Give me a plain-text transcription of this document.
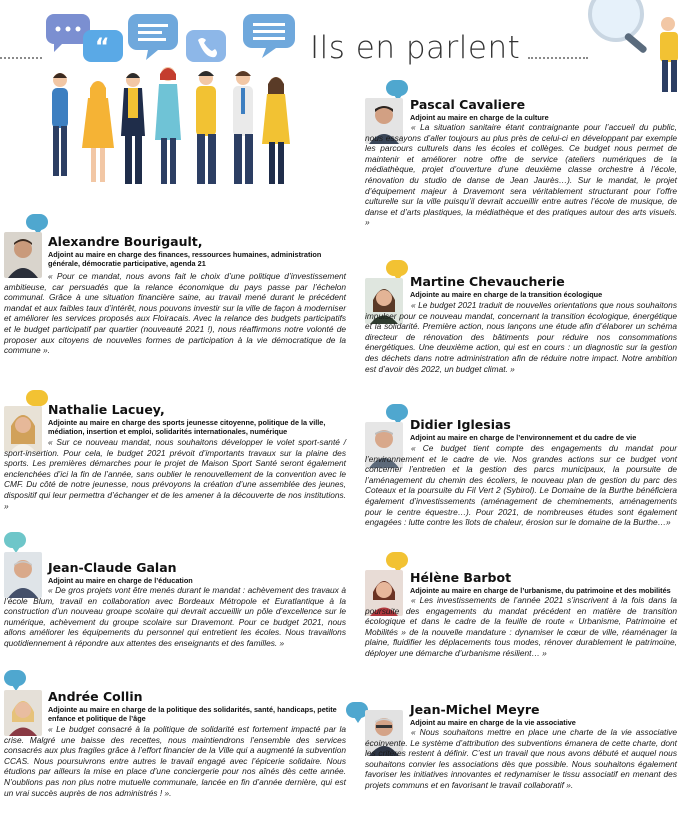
Ils en parlent
“
Alexandre Bourigault,
Adjoint au maire en charge des finances, ressources humaines, administration générale, démocratie participative, agenda 21

« Pour ce mandat, nous avons fait le choix d’une politique d’investissement ambitieuse, car persuadés que la relance économique du pays passe par l’échelon communal. Grâce à une situation financière saine, au travail mené durant le précédent mandat et aux faibles taux d’intérêt, nous pouvons investir sur la ville de façon à moderniser et améliorer les services proposés aux Floiracais. Avec la relance des budgets participatifs et le budget participatif par quartier (nouveauté 2021 !), nous réaffirmons notre volonté de proposer aux citoyens de nouvelles formes de participation à la vie démocratique de la commune ».

Nathalie Lacuey,
Adjointe au maire en charge des sports jeunesse citoyenne, politique de la ville, médiation, insertion et emploi, solidarités internationales, numérique

« Sur ce nouveau mandat, nous souhaitons développer le volet sport-santé / sport-insertion. Pour cela, le budget 2021 prévoit d’importants travaux sur la plaine des sports. Les premières démarches pour le projet de Maison Sport Santé seront également enclenchées d’ici la fin de l’année, sans oublier le renouvellement de la convention avec le CMF. Du côté de notre jeunesse, nous prévoyons la création d’une assemblée des jeunes, dispositif qui leur permettra d’échanger et de les amener à la découverte de nos institutions. »

Jean-Claude Galan
Adjoint au maire en charge de l’éducation

« De gros projets vont être menés durant le mandat : achèvement des travaux à l’école Blum, travail en collaboration avec Bordeaux Métropole et Euratlantique à la construction d’un nouveau groupe scolaire qui devrait accueillir un pôle d’excellence sur le numérique, achèvement du groupe scolaire sur Dravemont. Pour ce budget 2021, nous allons améliorer les équipements du personnel qui entretient les écoles. Nous travaillons quotidiennement à répondre aux attentes des enseignants et des familles. »

Andrée Collin
Adjointe au maire en charge de la politique des solidarités, santé, handicaps, petite enfance et politique de l’âge

« Le budget consacré à la politique de solidarité est fortement impacté par la crise. Malgré une baisse des recettes, nous maintiendrons l’ensemble des services consacrés aux plus fragiles grâce à l’effort financier de la Ville qui a augmenté la subvention CCAS. Nous poursuivrons entre autres le travail engagé avec l’épicerie solidaire. Nous étudions par ailleurs la mise en place d’une conciergerie pour nos aînés dès cette année. N’oublions pas non plus notre mutuelle communale, lancée en fin d’année dernière, qui est un vrai succès auprès de nos administrés ! ».

Pascal Cavaliere
Adjoint au maire en charge de la culture

« La situation sanitaire étant contraignante pour l’accueil du public, nous essayons d’aller toujours au plus près de celui-ci en développant par exemple les parcours culturels dans les écoles et collèges. Ce budget nous permet de maintenir et améliorer notre offre de service (ateliers numériques de la médiathèque, projet d’ouverture d’une deuxième classe orchestre à l’école, rénovation du studio de danse de Jean Jaurès…). Sur le mandat, le projet d’équipement majeur à Dravemont sera véritablement structurant pour l’offre culturelle sur la ville puisqu’il devrait accueillir entre autres l’école de musique, de danse et d’arts plastiques, la médiathèque et des pratiques autour des arts visuels. »

Martine Chevaucherie
Adjointe au maire en charge de la transition écologique

« Le budget 2021 traduit de nouvelles orientations que nous souhaitons impulser pour ce nouveau mandat, concernant la transition écologique, énergétique et la solidarité. Première action, nous lançons une étude afin d’élaborer un schéma directeur de rénovation des bâtiments pour réduire nos consommations énergétiques. Une deuxième action, qui est en cours : un diagnostic sur la gestion des déchets dans notre administration afin de réduire notre impact. Notre ambition est d’avoir dès 2022, un budget climat. »

Didier Iglesias
Adjoint au maire en charge de l’environnement et du cadre de vie

« Ce budget tient compte des engagements du mandat pour l’environnement et le cadre de vie. Nos grandes actions sur ce budget vont concerner l’entretien et la gestion des parcs municipaux, la poursuite de l’aménagement du chemin des écoliers, le nouveau plan de gestion du parc des Coteaux et la poursuite du Fil Vert 2 (Sybirol). Le Domaine de la Burthe bénéficiera également d’investissements (aménagement de cheminements, aménagements pour le centre équestre…). Pour 2021, de nombreuses études sont également engagées : lutte contre les îlots de chaleur, érosion sur le domaine de la Burthe…»

Hélène Barbot
Adjointe au maire en charge de l’urbanisme, du patrimoine et des mobilités

« Les investissements de l’année 2021 s’inscrivent à la fois dans la poursuite des engagements du mandat précédent en matière de transition écologique et dans le cadre de la feuille de route « Urbanisme, Patrimoine et Mobilités » de la nouvelle mandature : dynamiser le cœur de ville, réaménager la plaine, fluidifier les déplacements tous modes, rénover durablement le patrimoine, déployer une démarche d’urbanisme résilient… »

Jean-Michel Meyre
Adjoint au maire en charge de la vie associative

« Nous souhaitons mettre en place une charte de la vie associative écoinvente. Le système d’attribution des subventions émanera de cette charte, dont les critères restent à définir. C’est un travail que nous avons débuté et auquel nous souhaitons convier les associations dès que possible. Nous souhaitons également favoriser les initiatives innovantes et redynamiser le tissu associatif en menant des projets communs et en favorisant le travail collaboratif ».
